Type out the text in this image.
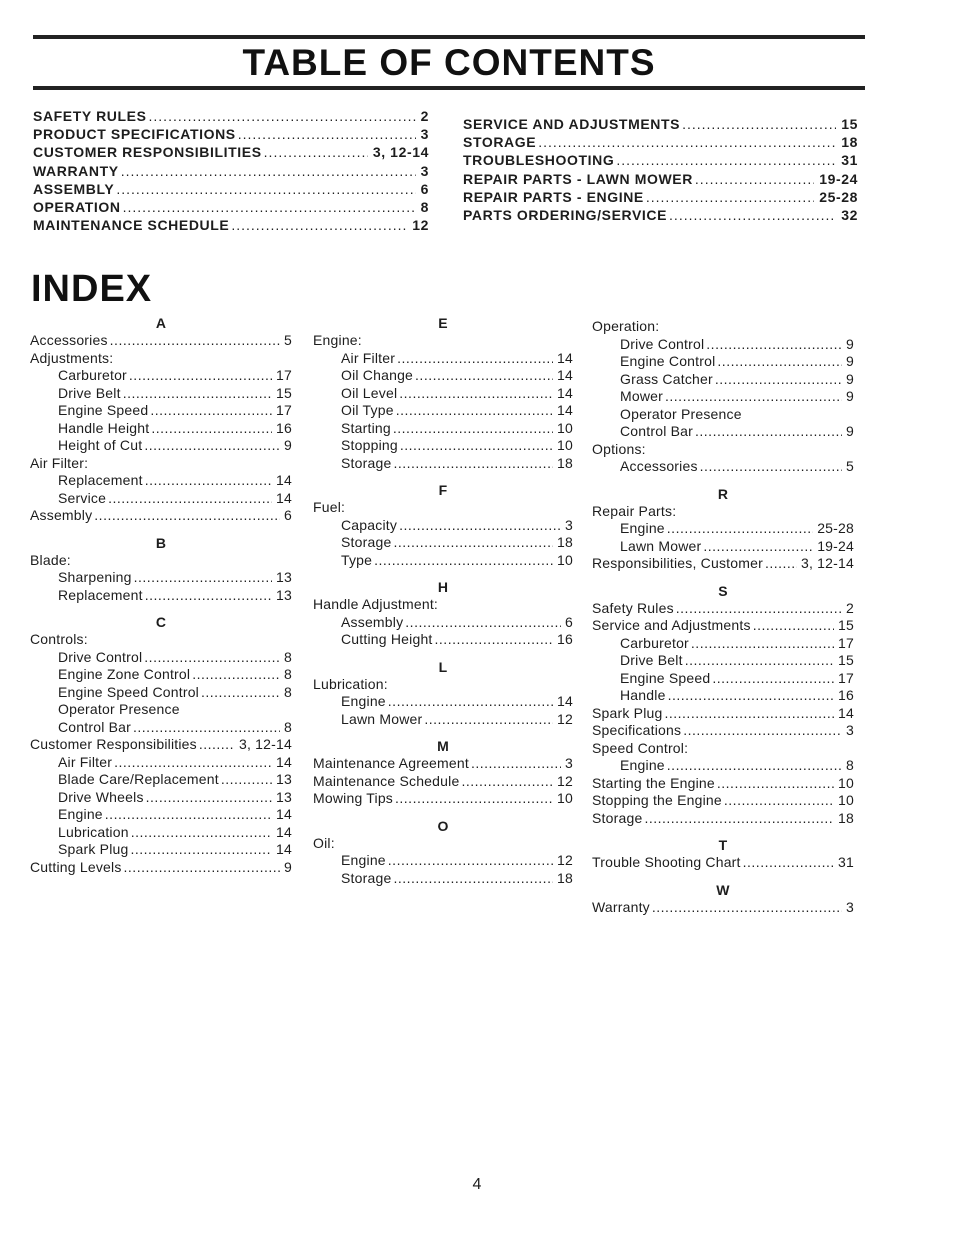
TABLE OF CONTENTS
SAFETY RULES .....	2
PRODUCT SPECIFICATIONS .....	3
CUSTOMER RESPONSIBILITIES .....	3, 12-14
WARRANTY .....	3
ASSEMBLY .....	6
OPERATION .....	8
MAINTENANCE SCHEDULE .....	12
SERVICE AND ADJUSTMENTS .....	15
STORAGE .....	18
TROUBLESHOOTING .....	31
REPAIR PARTS - LAWN MOWER .....	19-24
REPAIR PARTS - ENGINE .....	25-28
PARTS ORDERING/SERVICE .....	32
INDEX
A
Accessories .....	5
Adjustments:
Carburetor .....	17
Drive Belt .....	15
Engine Speed .....	17
Handle Height .....	16
Height of Cut .....	9
Air Filter:
Replacement .....	14
Service .....	14
Assembly .....	6
B
Blade:
Sharpening .....	13
Replacement .....	13
C
Controls:
Drive Control .....	8
Engine Zone Control .....	8
Engine Speed Control .....	8
Operator Presence
Control Bar .....	8
Customer Responsibilities .....	3, 12-14
Air Filter .....	14
Blade Care/Replacement .....	13
Drive Wheels .....	13
Engine .....	14
Lubrication .....	14
Spark Plug .....	14
Cutting Levels .....	9
E
Engine:
Air Filter .....	14
Oil Change .....	14
Oil Level .....	14
Oil Type .....	14
Starting .....	10
Stopping .....	10
Storage .....	18
F
Fuel:
Capacity .....	3
Storage .....	18
Type .....	10
H
Handle Adjustment:
Assembly .....	6
Cutting Height .....	16
L
Lubrication:
Engine .....	14
Lawn Mower .....	12
M
Maintenance Agreement .....	3
Maintenance Schedule .....	12
Mowing Tips .....	10
O
Oil:
Engine .....	12
Storage .....	18
Operation:
Drive Control .....	9
Engine Control .....	9
Grass Catcher .....	9
Mower .....	9
Operator Presence
Control Bar .....	9
Options:
Accessories .....	5
R
Repair Parts:
Engine .....	25-28
Lawn Mower .....	19-24
Responsibilities, Customer .....	3, 12-14
S
Safety Rules .....	2
Service and Adjustments .....	15
Carburetor .....	17
Drive Belt .....	15
Engine Speed .....	17
Handle .....	16
Spark Plug .....	14
Specifications .....	3
Speed Control:
Engine .....	8
Starting the Engine .....	10
Stopping the Engine .....	10
Storage .....	18
T
Trouble Shooting Chart .....	31
W
Warranty .....	3
4
